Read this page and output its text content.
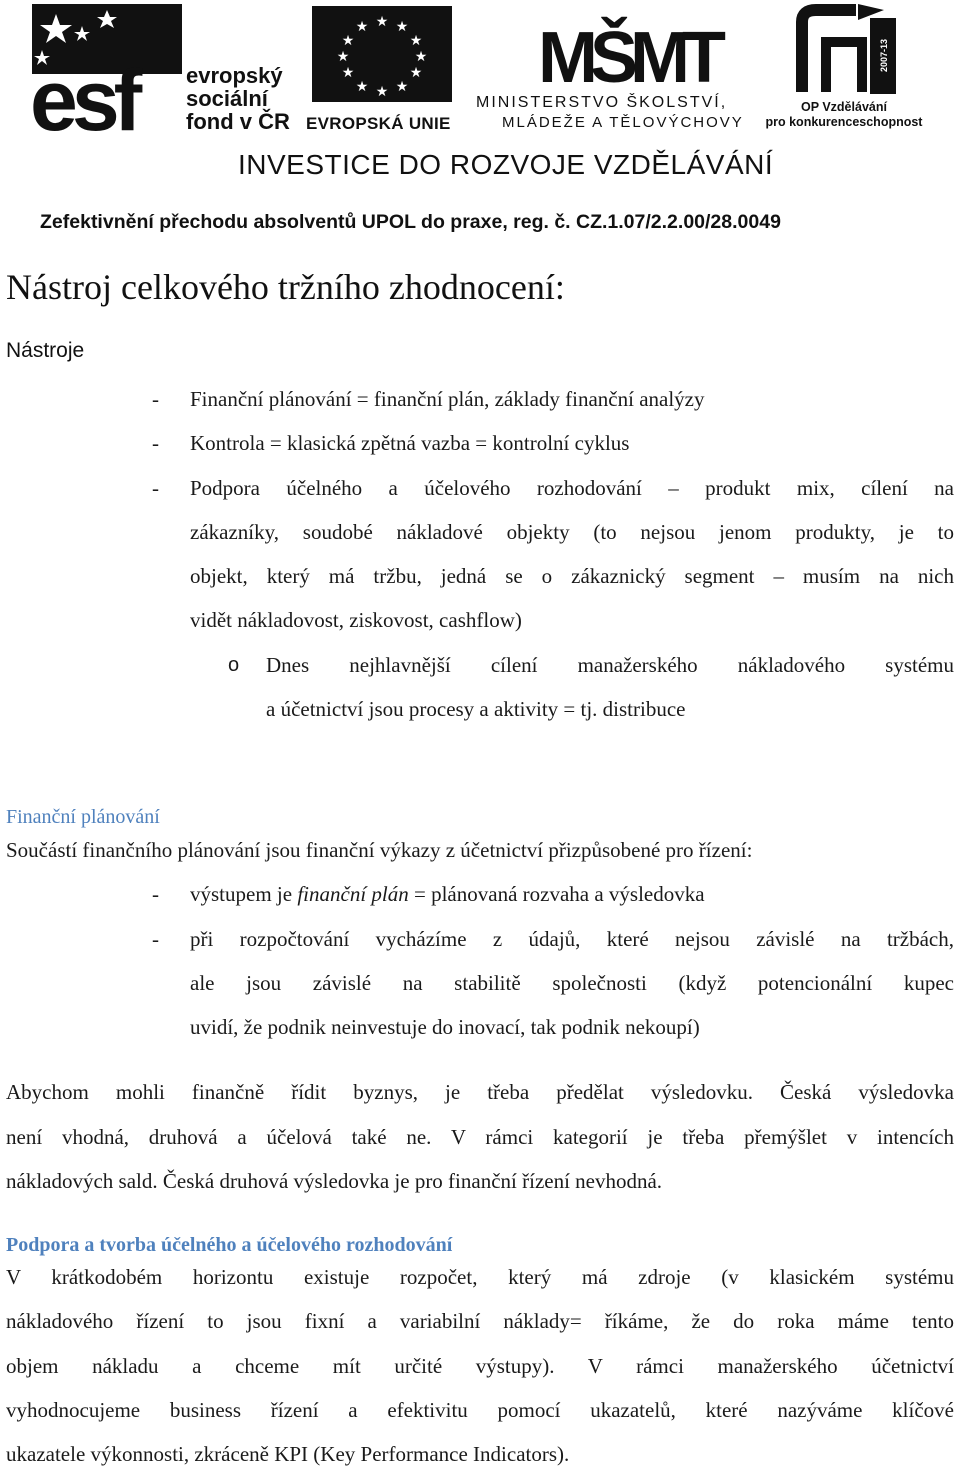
esf evropský
sociální
fond v ČR
★ ★
★
★
★
★
★
★
★
★
★
★
EVROPSKÁ UNIE
MŠMT
MINISTERSTVO ŠKOLSTVÍ,
MLÁDEŽE A TĚLOVÝCHOVY
2007-13
OP Vzdělávání
pro konkurenceschopnost
INVESTICE DO ROZVOJE VZDĚLÁVÁNÍ
Zefektivnění přechodu absolventů UPOL do praxe, reg. č. CZ.1.07/2.2.00/28.0049
Nástroj celkového tržního zhodnocení:
Nástroje
- Finanční plánování = finanční plán, základy finanční analýzy
- Kontrola = klasická zpětná vazba = kontrolní cyklus
- Podpora účelného a účelového rozhodování – produkt mix, cílení na
zákazníky, soudobé nákladové objekty (to nejsou jenom produkty, je to
objekt, který má tržbu, jedná se o zákaznický segment – musím na nich
vidět nákladovost, ziskovost, cashflow)
o Dnes nejhlavnější cílení manažerského nákladového systému
a účetnictví jsou procesy a aktivity = tj. distribuce
Finanční plánování
Součástí finančního plánování jsou finanční výkazy z účetnictví přizpůsobené pro řízení:
- výstupem je finanční plán = plánovaná rozvaha a výsledovka
- při rozpočtování vycházíme z údajů, které nejsou závislé na tržbách,
ale jsou závislé na stabilitě společnosti (když potencionální kupec
uvidí, že podnik neinvestuje do inovací, tak podnik nekoupí)
Abychom mohli finančně řídit byznys, je třeba předělat výsledovku. Česká výsledovka
není vhodná, druhová a účelová také ne. V rámci kategorií je třeba přemýšlet v intencích
nákladových sald. Česká druhová výsledovka je pro finanční řízení nevhodná.
Podpora a tvorba účelného a účelového rozhodování
V krátkodobém horizontu existuje rozpočet, který má zdroje (v klasickém systému
nákladového řízení to jsou fixní a variabilní náklady= říkáme, že do roka máme tento
objem nákladu a chceme mít určité výstupy). V rámci manažerského účetnictví
vyhodnocujeme business řízení a efektivitu pomocí ukazatelů, které nazýváme klíčové
ukazatele výkonnosti, zkráceně KPI (Key Performance Indicators).
